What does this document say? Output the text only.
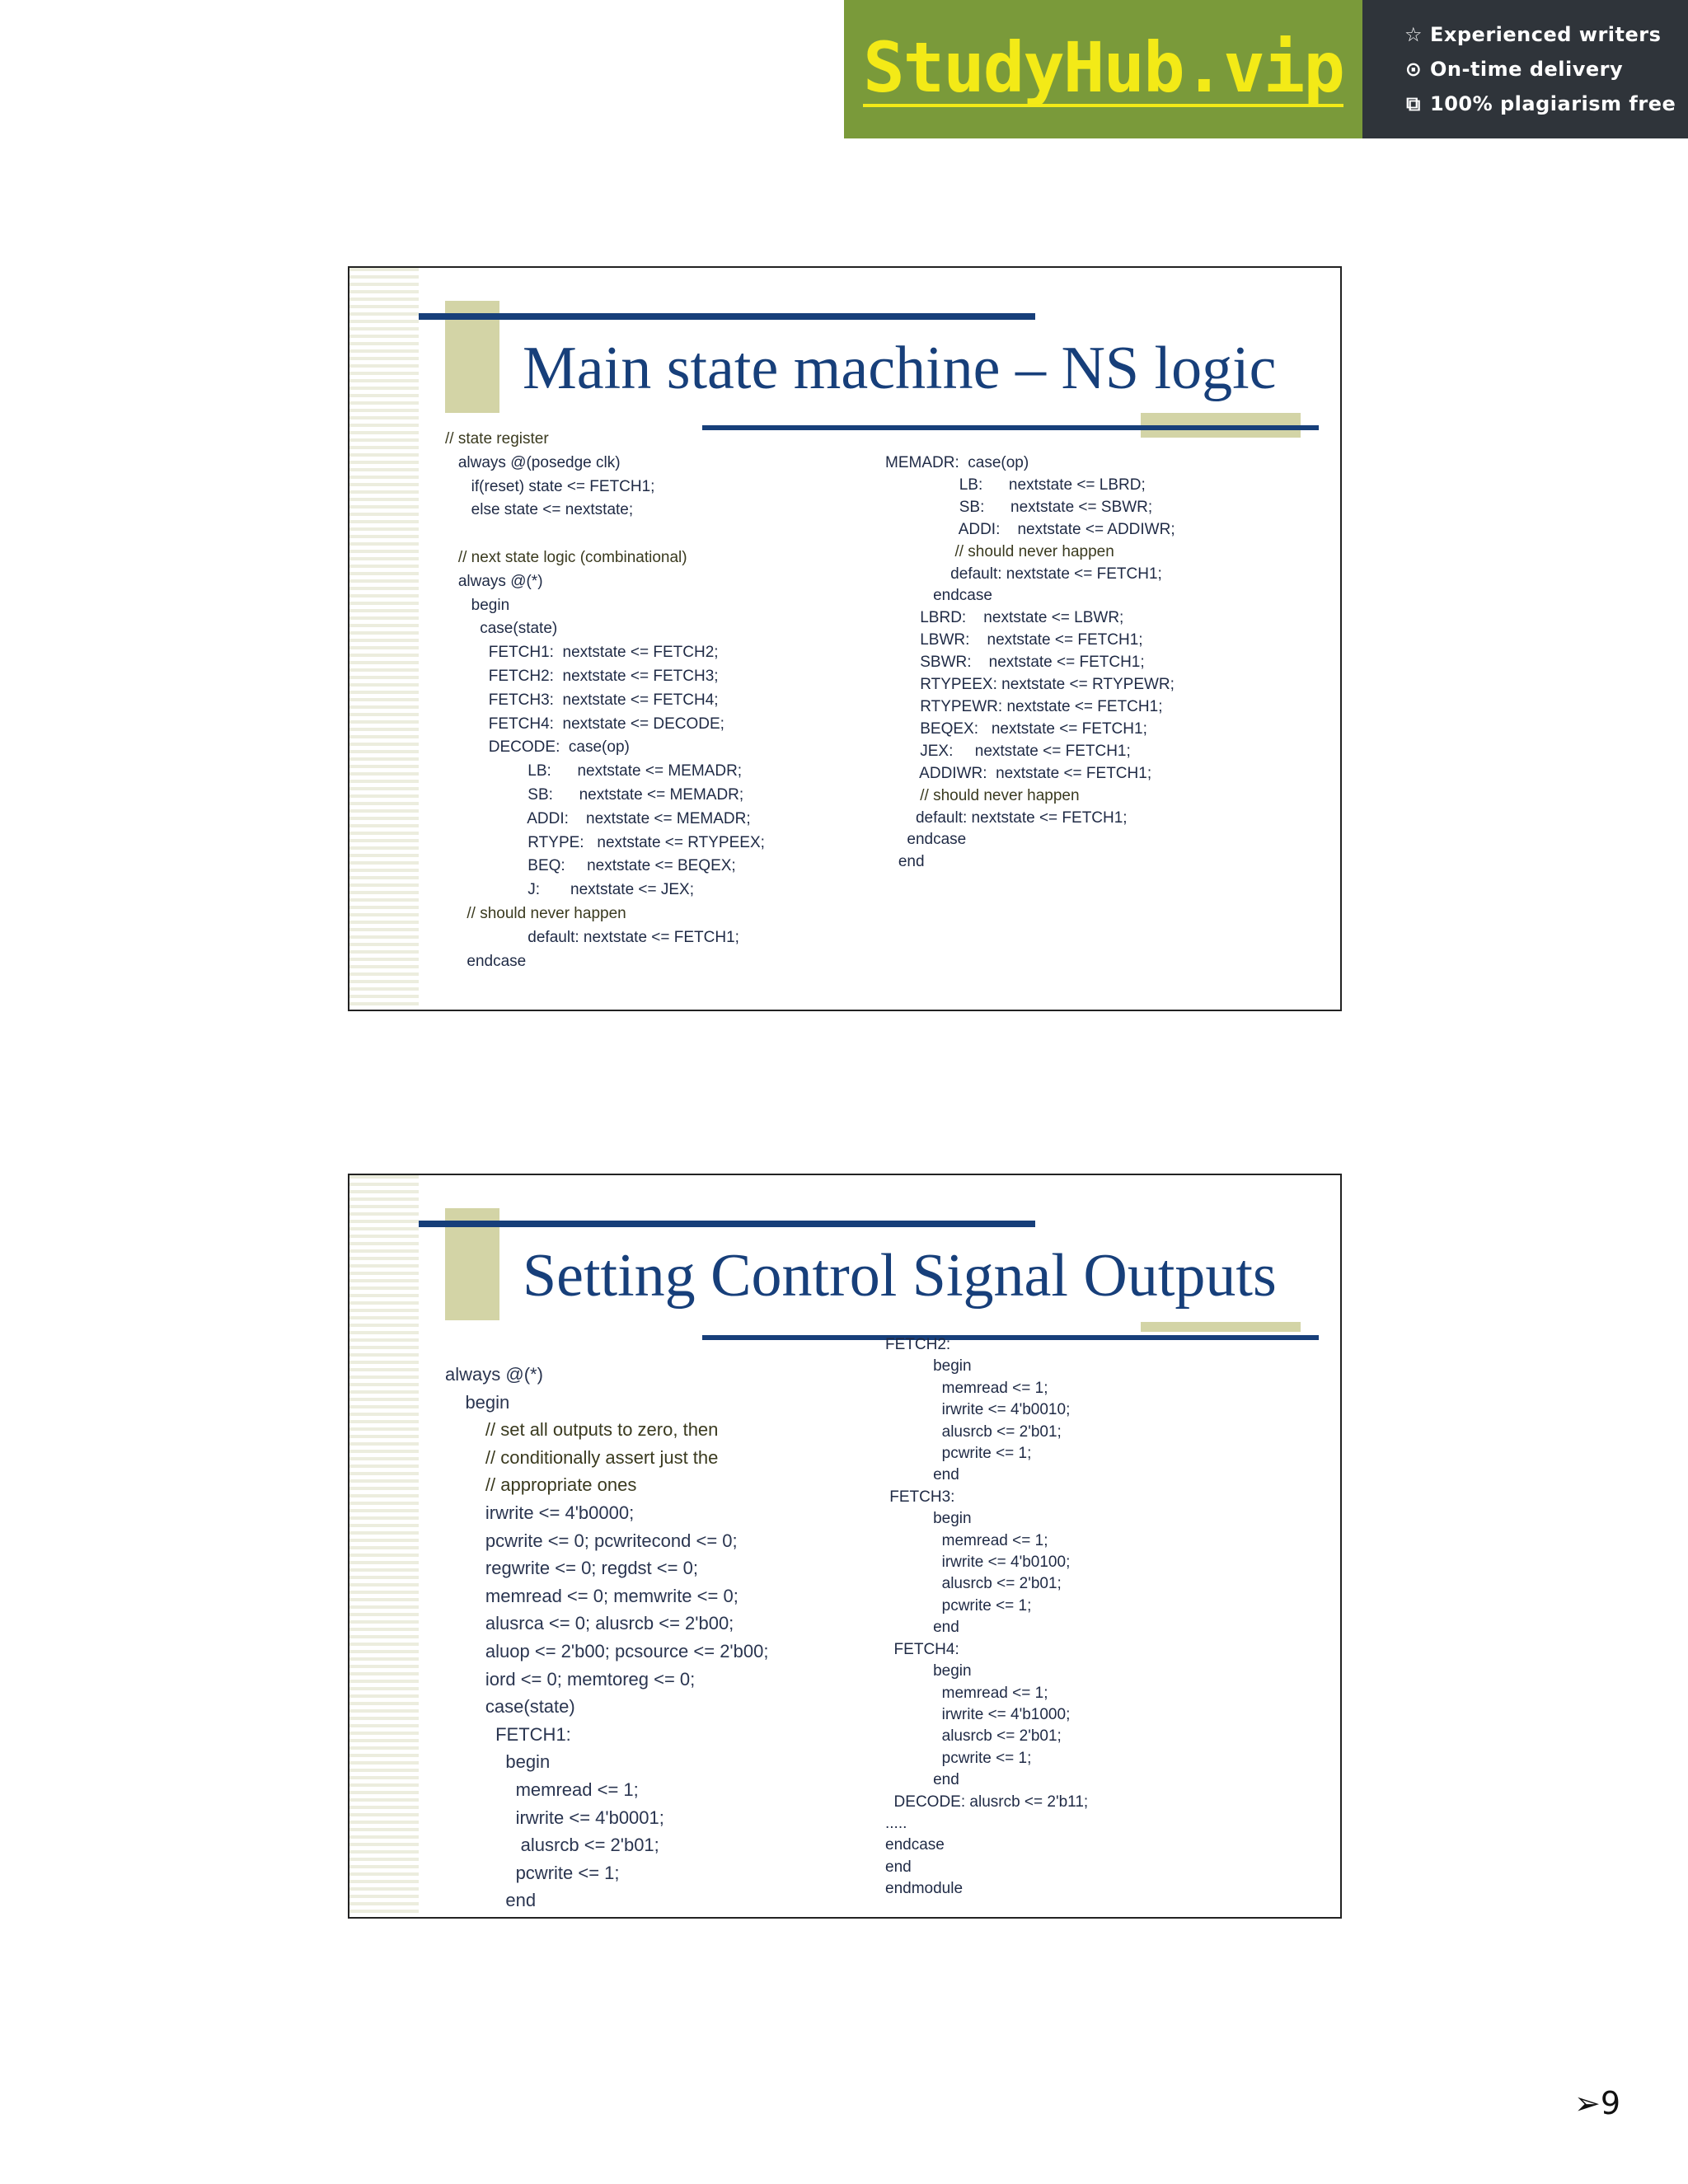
StudyHub.vip	☆ Experienced writers
⊙ On-time delivery
⧉ 100% plagiarism free
Main state machine – NS logic
// state register
always @(posedge clk)
if(reset) state <= FETCH1;
else state <= nextstate;

// next state logic (combinational)
always @(*)
begin
case(state)
FETCH1:  nextstate <= FETCH2;
FETCH2:  nextstate <= FETCH3;
FETCH3:  nextstate <= FETCH4;
FETCH4:  nextstate <= DECODE;
DECODE:  case(op)
LB:      nextstate <= MEMADR;
SB:      nextstate <= MEMADR;
ADDI:    nextstate <= MEMADR;
RTYPE:   nextstate <= RTYPEEX;
BEQ:     nextstate <= BEQEX;
J:       nextstate <= JEX;
// should never happen
default: nextstate <= FETCH1;
endcase
MEMADR:  case(op)
LB:      nextstate <= LBRD;
SB:      nextstate <= SBWR;
ADDI:    nextstate <= ADDIWR;
// should never happen
default: nextstate <= FETCH1;
endcase
LBRD:    nextstate <= LBWR;
LBWR:    nextstate <= FETCH1;
SBWR:    nextstate <= FETCH1;
RTYPEEX: nextstate <= RTYPEWR;
RTYPEWR: nextstate <= FETCH1;
BEQEX:   nextstate <= FETCH1;
JEX:     nextstate <= FETCH1;
ADDIWR:  nextstate <= FETCH1;
// should never happen
default: nextstate <= FETCH1;
endcase
end
Setting Control Signal Outputs
always @(*)
begin
// set all outputs to zero, then
// conditionally assert just the
// appropriate ones
irwrite <= 4'b0000;
pcwrite <= 0; pcwritecond <= 0;
regwrite <= 0; regdst <= 0;
memread <= 0; memwrite <= 0;
alusrca <= 0; alusrcb <= 2'b00;
aluop <= 2'b00; pcsource <= 2'b00;
iord <= 0; memtoreg <= 0;
case(state)
FETCH1:
begin
memread <= 1;
irwrite <= 4'b0001;
alusrcb <= 2'b01;
pcwrite <= 1;
end
FETCH2:
begin
memread <= 1;
irwrite <= 4'b0010;
alusrcb <= 2'b01;
pcwrite <= 1;
end
FETCH3:
begin
memread <= 1;
irwrite <= 4'b0100;
alusrcb <= 2'b01;
pcwrite <= 1;
end
FETCH4:
begin
memread <= 1;
irwrite <= 4'b1000;
alusrcb <= 2'b01;
pcwrite <= 1;
end
DECODE: alusrcb <= 2'b11;
.....
endcase
end
endmodule
➢9
